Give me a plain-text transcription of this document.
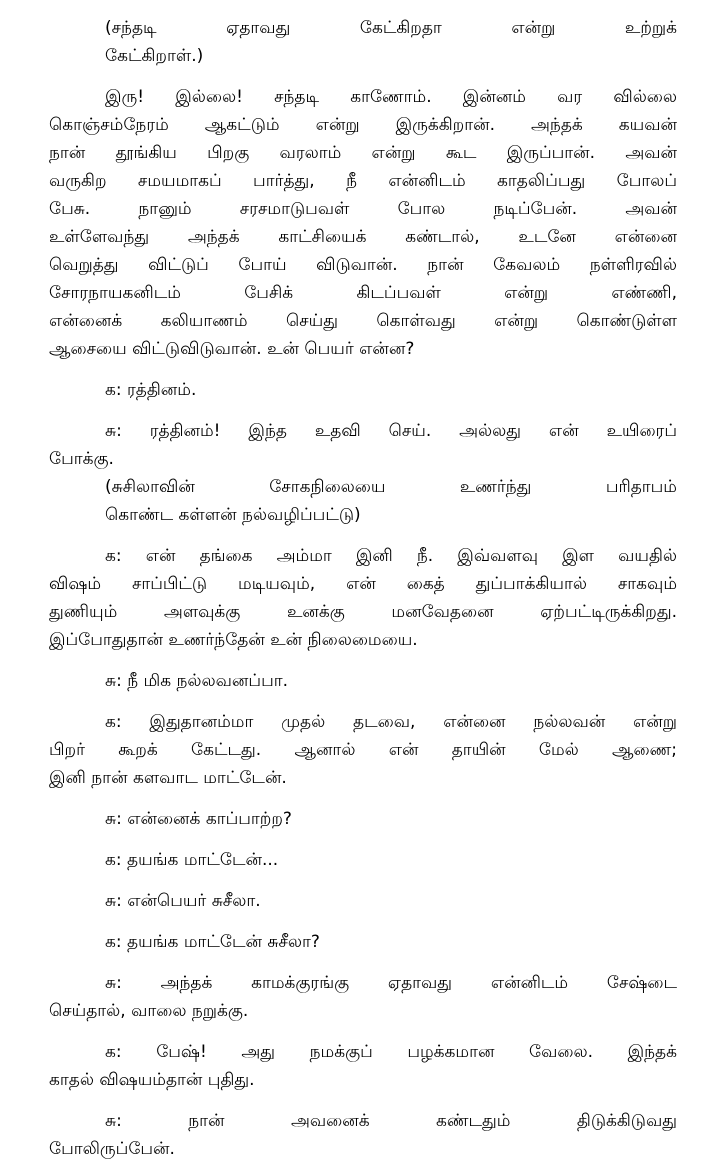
(சந்தடி ஏதாவது கேட்கிறதா என்று உற்றுக்
கேட்கிறாள்.)
இரு! இல்லை! சந்தடி காணோம். இன்னம் வர வில்லை
கொஞ்சம்நேரம் ஆகட்டும் என்று இருக்கிறான். அந்தக் கயவன்
நான் தூங்கிய பிறகு வரலாம் என்று கூட இருப்பான். அவன்
வருகிற சமயமாகப் பார்த்து, நீ என்னிடம் காதலிப்பது போலப்
பேசு. நானும் சரசமாடுபவள் போல நடிப்பேன். அவன்
உள்ளேவந்து அந்தக் காட்சியைக் கண்டால், உடனே என்னை
வெறுத்து விட்டுப் போய் விடுவான். நான் கேவலம் நள்ளிரவில்
சோரநாயகனிடம் பேசிக் கிடப்பவள் என்று எண்ணி,
என்னைக் கலியாணம் செய்து கொள்வது என்று கொண்டுள்ள
ஆசையை விட்டுவிடுவான். உன் பெயர் என்ன?
க: ரத்தினம்.
சு: ரத்தினம்! இந்த உதவி செய். அல்லது என் உயிரைப்
போக்கு.
(சுசிலாவின் சோகநிலையை உணர்ந்து பரிதாபம்
கொண்ட கள்ளன் நல்வழிப்பட்டு)
க: என் தங்கை அம்மா இனி நீ. இவ்வளவு இள வயதில்
விஷம் சாப்பிட்டு மடியவும், என் கைத் துப்பாக்கியால் சாகவும்
துணியும் அளவுக்கு உனக்கு மனவேதனை ஏற்பட்டிருக்கிறது.
இப்போதுதான் உணர்ந்தேன் உன் நிலைமையை.
சு: நீ மிக நல்லவனப்பா.
க: இதுதானம்மா முதல் தடவை, என்னை நல்லவன் என்று
பிறர் கூறக் கேட்டது. ஆனால் என் தாயின் மேல் ஆணை;
இனி நான் களவாட மாட்டேன்.
சு: என்னைக் காப்பாற்ற?
க: தயங்க மாட்டேன்...
சு: என்பெயர் சுசீலா.
க: தயங்க மாட்டேன் சுசீலா?
சு: அந்தக் காமக்குரங்கு ஏதாவது என்னிடம் சேஷ்டை
செய்தால், வாலை நறுக்கு.
க: பேஷ்! அது நமக்குப் பழக்கமான வேலை. இந்தக்
காதல் விஷயம்தான் புதிது.
சு: நான் அவனைக் கண்டதும் திடுக்கிடுவது
போலிருப்பேன்.
